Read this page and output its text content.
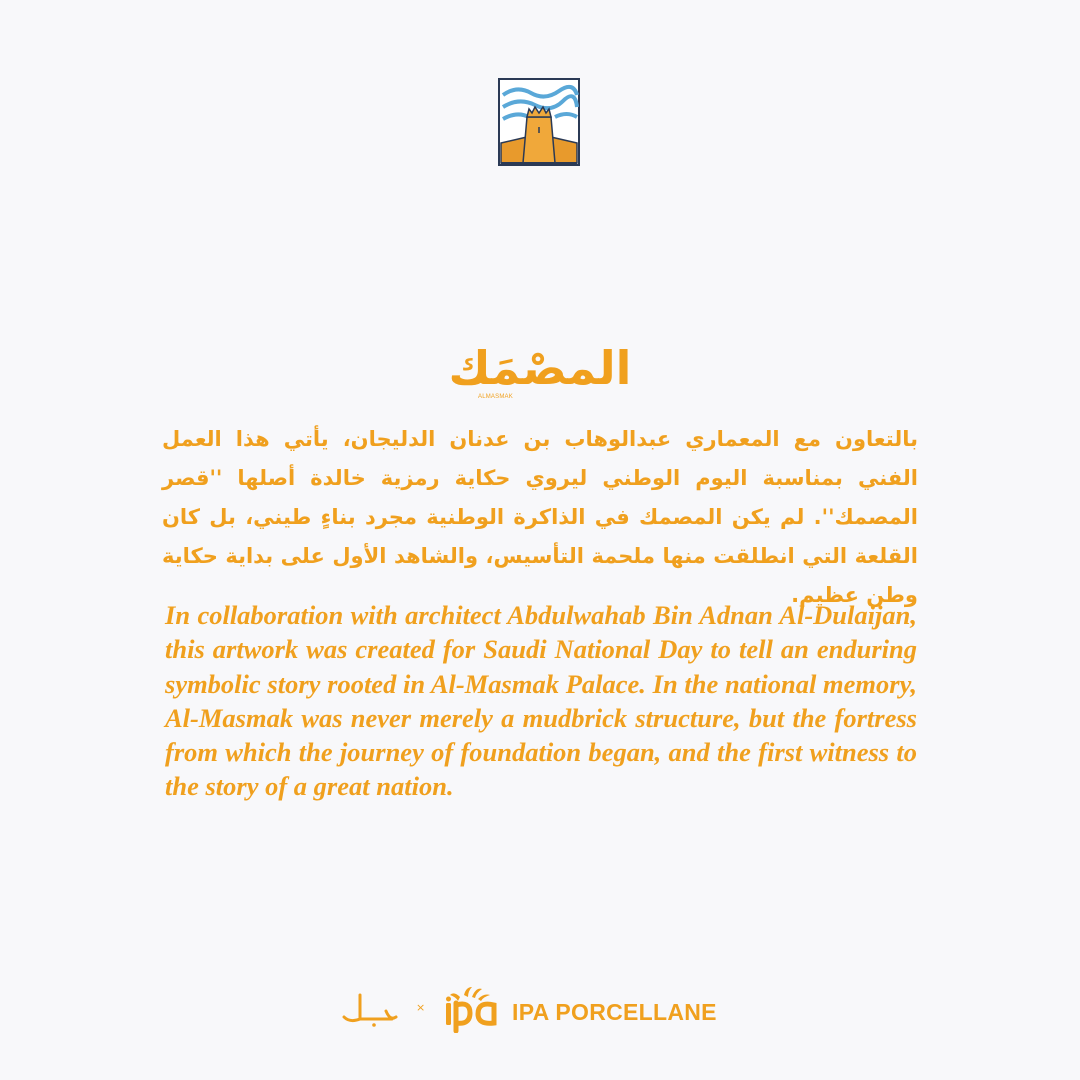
المصْمَك
ALMASMAK
بالتعاون مع المعماري عبدالوهاب بن عدنان الدليجان، يأتي هذا العمل الفني بمناسبة اليوم الوطني ليروي حكاية رمزية خالدة أصلها ''قصر المصمك''. لم يكن المصمك في الذاكرة الوطنية مجرد بناءٍ طيني، بل كان القلعة التي انطلقت منها ملحمة التأسيس، والشاهد الأول على بداية حكاية وطن عظيم.
In collaboration with architect Abdulwahab Bin Adnan Al-Dulaijan, this artwork was created for Saudi National Day to tell an enduring symbolic story rooted in Al-Masmak Palace. In the national memory, Al-Masmak was never merely a mudbrick structure, but the fortress from which the journey of foundation began, and the first witness to the story of a great nation.
×	IPA PORCELLANE
